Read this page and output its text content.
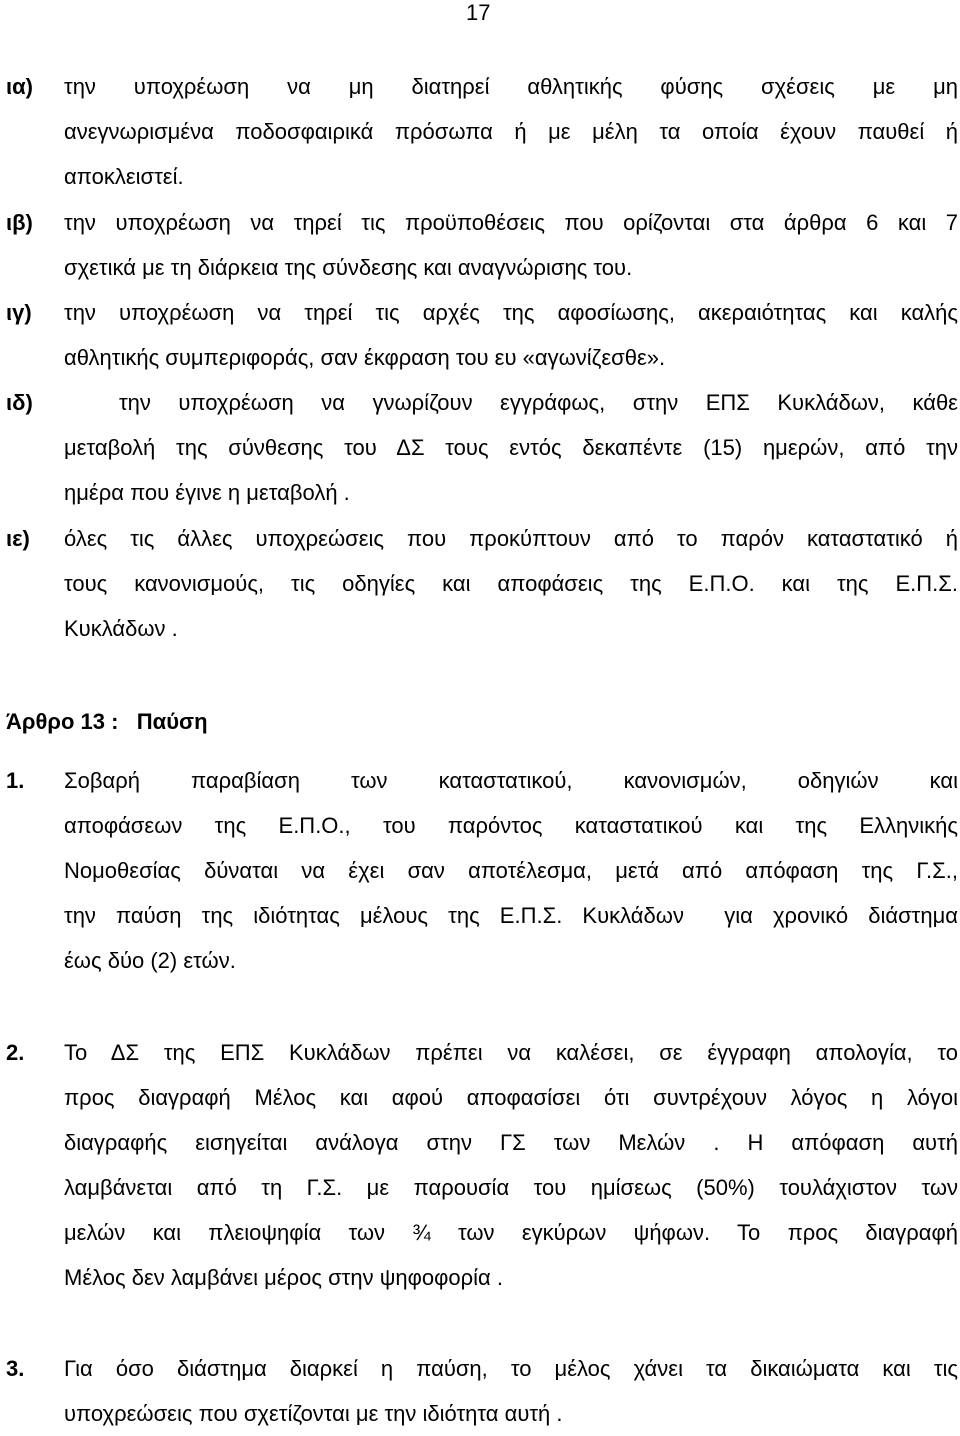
17
ια) την υποχρέωση να μη διατηρεί αθλητικής φύσης σχέσεις με μη
ανεγνωρισμένα ποδοσφαιρικά πρόσωπα ή με μέλη τα οποία έχουν παυθεί ή
αποκλειστεί.
ιβ) την υποχρέωση να τηρεί τις προϋποθέσεις που ορίζονται στα άρθρα 6 και 7
σχετικά με τη διάρκεια της σύνδεσης και αναγνώρισης του.
ιγ) την υποχρέωση να τηρεί τις αρχές της αφοσίωσης, ακεραιότητας και καλής
αθλητικής συμπεριφοράς, σαν έκφραση του ευ «αγωνίζεσθε».
ιδ) την υποχρέωση να γνωρίζουν εγγράφως, στην ΕΠΣ Κυκλάδων, κάθε
μεταβολή της σύνθεσης του ΔΣ τους εντός δεκαπέντε (15) ημερών, από την
ημέρα που έγινε η μεταβολή .
ιε) όλες τις άλλες υποχρεώσεις που προκύπτουν από το παρόν καταστατικό ή
τους κανονισμούς, τις οδηγίες και αποφάσεις της Ε.Π.Ο. και της Ε.Π.Σ.
Κυκλάδων .
Άρθρο 13 :   Παύση
1. Σοβαρή παραβίαση των καταστατικού, κανονισμών, οδηγιών και
αποφάσεων της Ε.Π.Ο., του παρόντος καταστατικού και της Ελληνικής
Νομοθεσίας δύναται να έχει σαν αποτέλεσμα, μετά από απόφαση της Γ.Σ.,
την παύση της ιδιότητας μέλους της Ε.Π.Σ. Κυκλάδων  για χρονικό διάστημα
έως δύο (2) ετών.
2. Το ΔΣ της ΕΠΣ Κυκλάδων πρέπει να καλέσει, σε έγγραφη απολογία, το
προς διαγραφή Μέλος και αφού αποφασίσει ότι συντρέχουν λόγος η λόγοι
διαγραφής εισηγείται ανάλογα στην ΓΣ των Μελών . Η απόφαση αυτή
λαμβάνεται από τη Γ.Σ. με παρουσία του ημίσεως (50%) τουλάχιστον των
μελών και πλειοψηφία των ¾ των εγκύρων ψήφων. Το προς διαγραφή
Μέλος δεν λαμβάνει μέρος στην ψηφοφορία .
3. Για όσο διάστημα διαρκεί η παύση, το μέλος χάνει τα δικαιώματα και τις
υποχρεώσεις που σχετίζονται με την ιδιότητα αυτή .
